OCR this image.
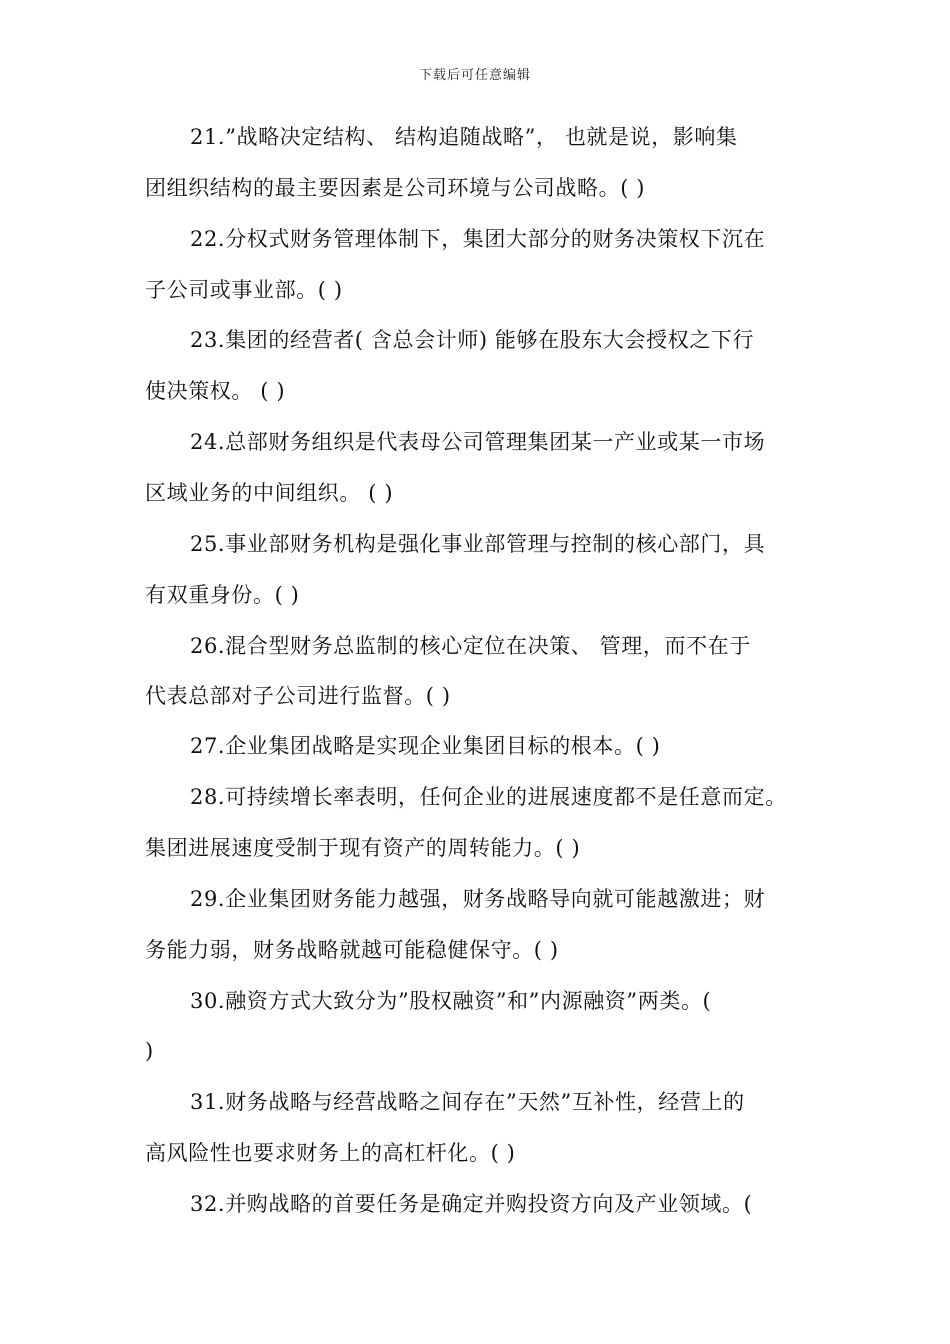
下载后可任意编辑
21.”战略决定结构、 结构追随战略”， 也就是说，影响集
团组织结构的最主要因素是公司环境与公司战略。( )
22.分权式财务管理体制下，集团大部分的财务决策权下沉在
子公司或事业部。( )
23.集团的经营者( 含总会计师) 能够在股东大会授权之下行
使决策权。 ( )
24.总部财务组织是代表母公司管理集团某一产业或某一市场
区域业务的中间组织。 ( )
25.事业部财务机构是强化事业部管理与控制的核心部门，具
有双重身份。( )
26.混合型财务总监制的核心定位在决策、 管理，而不在于
代表总部对子公司进行监督。( )
27.企业集团战略是实现企业集团目标的根本。( )
28.可持续增长率表明，任何企业的进展速度都不是任意而定。
集团进展速度受制于现有资产的周转能力。( )
29.企业集团财务能力越强，财务战略导向就可能越激进；财
务能力弱，财务战略就越可能稳健保守。( )
30.融资方式大致分为”股权融资”和”内源融资”两类。(
)
31.财务战略与经营战略之间存在”天然”互补性，经营上的
高风险性也要求财务上的高杠杆化。( )
32.并购战略的首要任务是确定并购投资方向及产业领域。(
